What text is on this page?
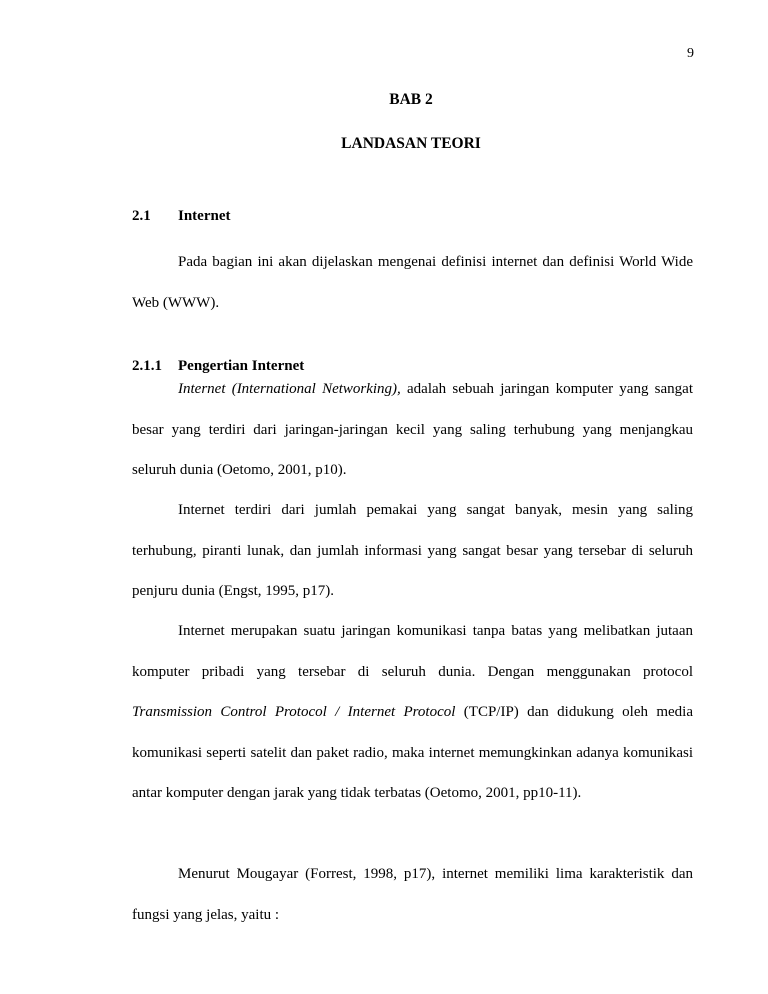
9
BAB 2
LANDASAN TEORI
2.1 Internet

Pada bagian ini akan dijelaskan mengenai definisi internet dan definisi World Wide Web (WWW).

2.1.1 Pengertian Internet

Internet (International Networking), adalah sebuah jaringan komputer yang sangat besar yang terdiri dari jaringan-jaringan kecil yang saling terhubung yang menjangkau seluruh dunia (Oetomo, 2001, p10).

Internet terdiri dari jumlah pemakai yang sangat banyak, mesin yang saling terhubung, piranti lunak, dan jumlah informasi yang sangat besar yang tersebar di seluruh penjuru dunia (Engst, 1995, p17).

Internet merupakan suatu jaringan komunikasi tanpa batas yang melibatkan jutaan komputer pribadi yang tersebar di seluruh dunia. Dengan menggunakan protocol Transmission Control Protocol / Internet Protocol (TCP/IP) dan didukung oleh media komunikasi seperti satelit dan paket radio, maka internet memungkinkan adanya komunikasi antar komputer dengan jarak yang tidak terbatas (Oetomo, 2001, pp10-11).

Menurut Mougayar (Forrest, 1998, p17), internet memiliki lima karakteristik dan fungsi yang jelas, yaitu :
